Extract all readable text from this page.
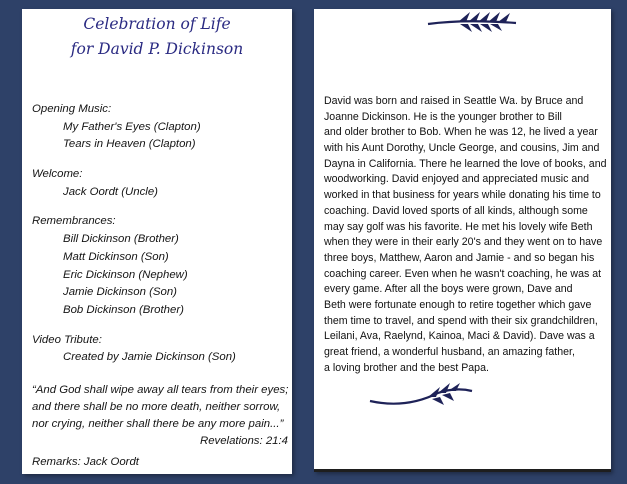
Celebration of Life
for David P. Dickinson
Opening Music:
My Father's Eyes (Clapton)
Tears in Heaven (Clapton)
Welcome:
Jack Oordt (Uncle)
Remembrances:
Bill Dickinson (Brother)
Matt Dickinson (Son)
Eric Dickinson (Nephew)
Jamie Dickinson (Son)
Bob Dickinson (Brother)
Video Tribute:
Created by Jamie Dickinson (Son)
“And God shall wipe away all tears from their eyes;
and there shall be no more death, neither sorrow,
nor crying, neither shall there be any more pain...”
Revelations: 21:4
Remarks: Jack Oordt
David was born and raised in Seattle Wa. by Bruce and
Joanne Dickinson. He is the younger brother to Bill
and older brother to Bob. When he was 12, he lived a year
with his Aunt Dorothy, Uncle George, and cousins, Jim and
Dayna in California. There he learned the love of books, and
woodworking. David enjoyed and appreciated music and
worked in that business for years while donating his time to
coaching. David loved sports of all kinds, although some
may say golf was his favorite. He met his lovely wife Beth
when they were in their early 20's and they went on to have
three boys, Matthew, Aaron and Jamie - and so began his
coaching career. Even when he wasn't coaching, he was at
every game. After all the boys were grown, Dave and
Beth were fortunate enough to retire together which gave
them time to travel, and spend with their six grandchildren,
Leilani, Ava, Raelynd, Kainoa, Maci & David). Dave was a
great friend, a wonderful husband, an amazing father,
a loving brother and the best Papa.
